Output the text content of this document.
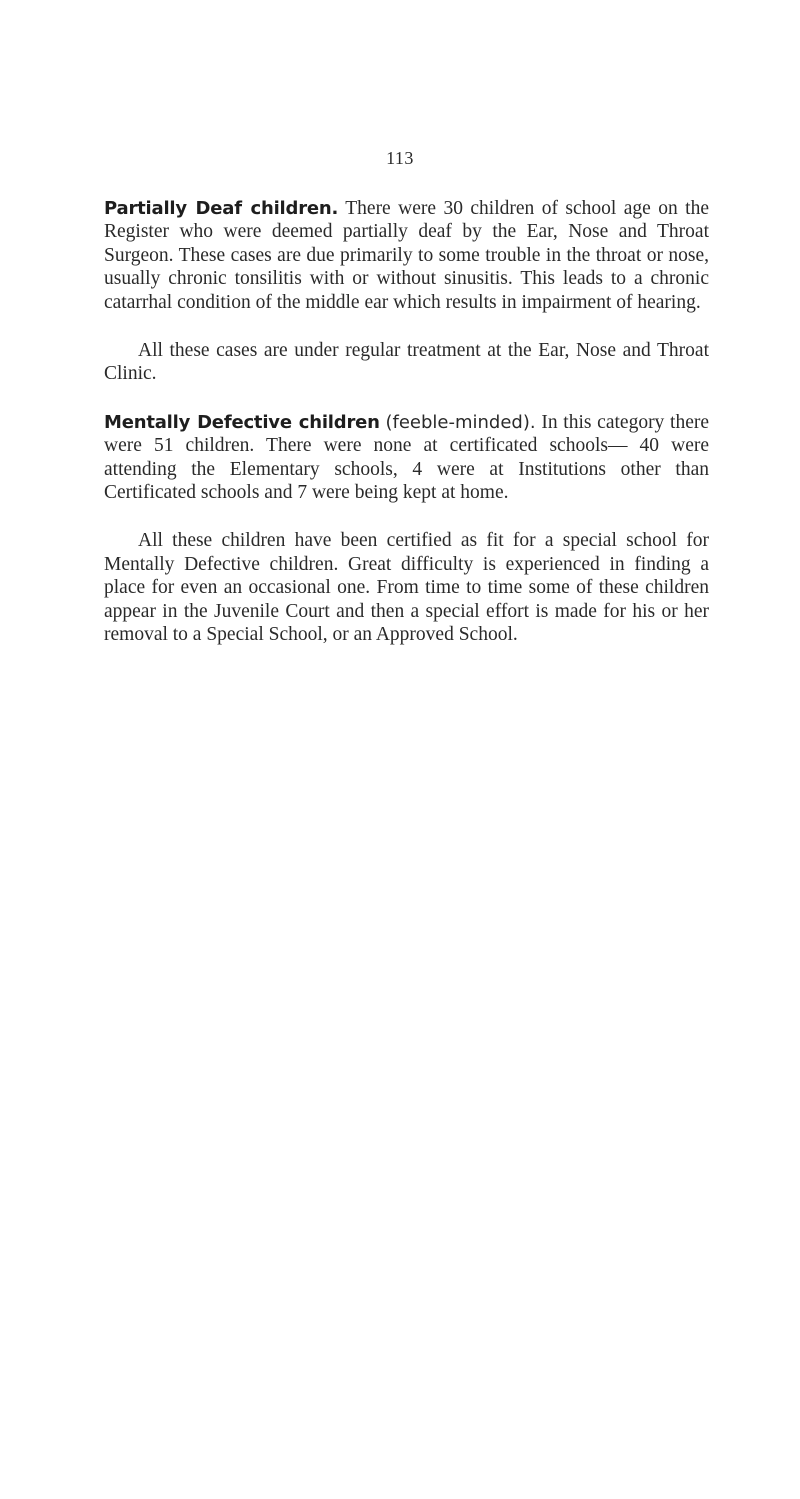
113

Partially Deaf children. There were 30 children of school age on the Register who were deemed partially deaf by the Ear, Nose and Throat Surgeon. These cases are due primarily to some trouble in the throat or nose, usually chronic tonsilitis with or without sinusitis. This leads to a chronic catarrhal condition of the middle ear which results in impairment of hearing.

All these cases are under regular treatment at the Ear, Nose and Throat Clinic.

Mentally Defective children (feeble-minded). In this category there were 51 children. There were none at certificated schools— 40 were attending the Elementary schools, 4 were at Institutions other than Certificated schools and 7 were being kept at home.

All these children have been certified as fit for a special school for Mentally Defective children. Great difficulty is experienced in finding a place for even an occasional one. From time to time some of these children appear in the Juvenile Court and then a special effort is made for his or her removal to a Special School, or an Approved School.
